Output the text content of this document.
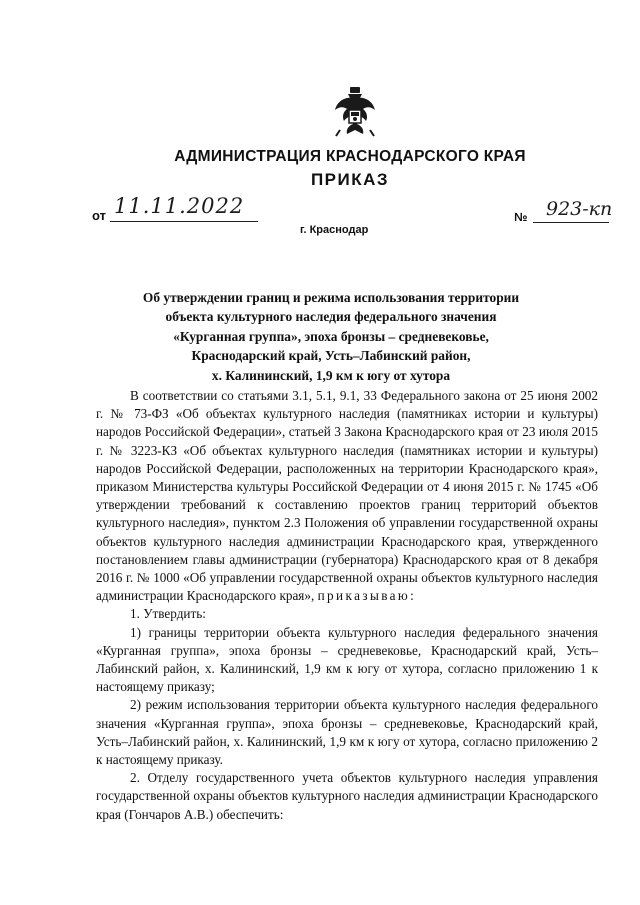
АДМИНИСТРАЦИЯ КРАСНОДАРСКОГО КРАЯ
ПРИКАЗ
от 11.11.2022
г. Краснодар
№ 923-кп
Об утверждении границ и режима использования территории
объекта культурного наследия федерального значения
«Курганная группа», эпоха бронзы – средневековье,
Краснодарский край, Усть–Лабинский район,
х. Калининский, 1,9 км к югу от хутора

В соответствии со статьями 3.1, 5.1, 9.1, 33 Федерального закона от 25 июня 2002 г. № 73-ФЗ «Об объектах культурного наследия (памятниках истории и культуры) народов Российской Федерации», статьей 3 Закона Краснодарского края от 23 июля 2015 г. № 3223-КЗ «Об объектах культурного наследия (памятниках истории и культуры) народов Российской Федерации, расположенных на территории Краснодарского края», приказом Министерства культуры Российской Федерации от 4 июня 2015 г. № 1745 «Об утверждении требований к составлению проектов границ территорий объектов культурного наследия», пунктом 2.3 Положения об управлении государственной охраны объектов культурного наследия администрации Краснодарского края, утвержденного постановлением главы администрации (губернатора) Краснодарского края от 8 декабря 2016 г. № 1000 «Об управлении государственной охраны объектов культурного наследия администрации Краснодарского края», приказываю:

1. Утвердить:

1) границы территории объекта культурного наследия федерального значения «Курганная группа», эпоха бронзы – средневековье, Краснодарский край, Усть–Лабинский район, х. Калининский, 1,9 км к югу от хутора, согласно приложению 1 к настоящему приказу;

2) режим использования территории объекта культурного наследия федерального значения «Курганная группа», эпоха бронзы – средневековье, Краснодарский край, Усть–Лабинский район, х. Калининский, 1,9 км к югу от хутора, согласно приложению 2 к настоящему приказу.

2. Отделу государственного учета объектов культурного наследия управления государственной охраны объектов культурного наследия администрации Краснодарского края (Гончаров А.В.) обеспечить:
